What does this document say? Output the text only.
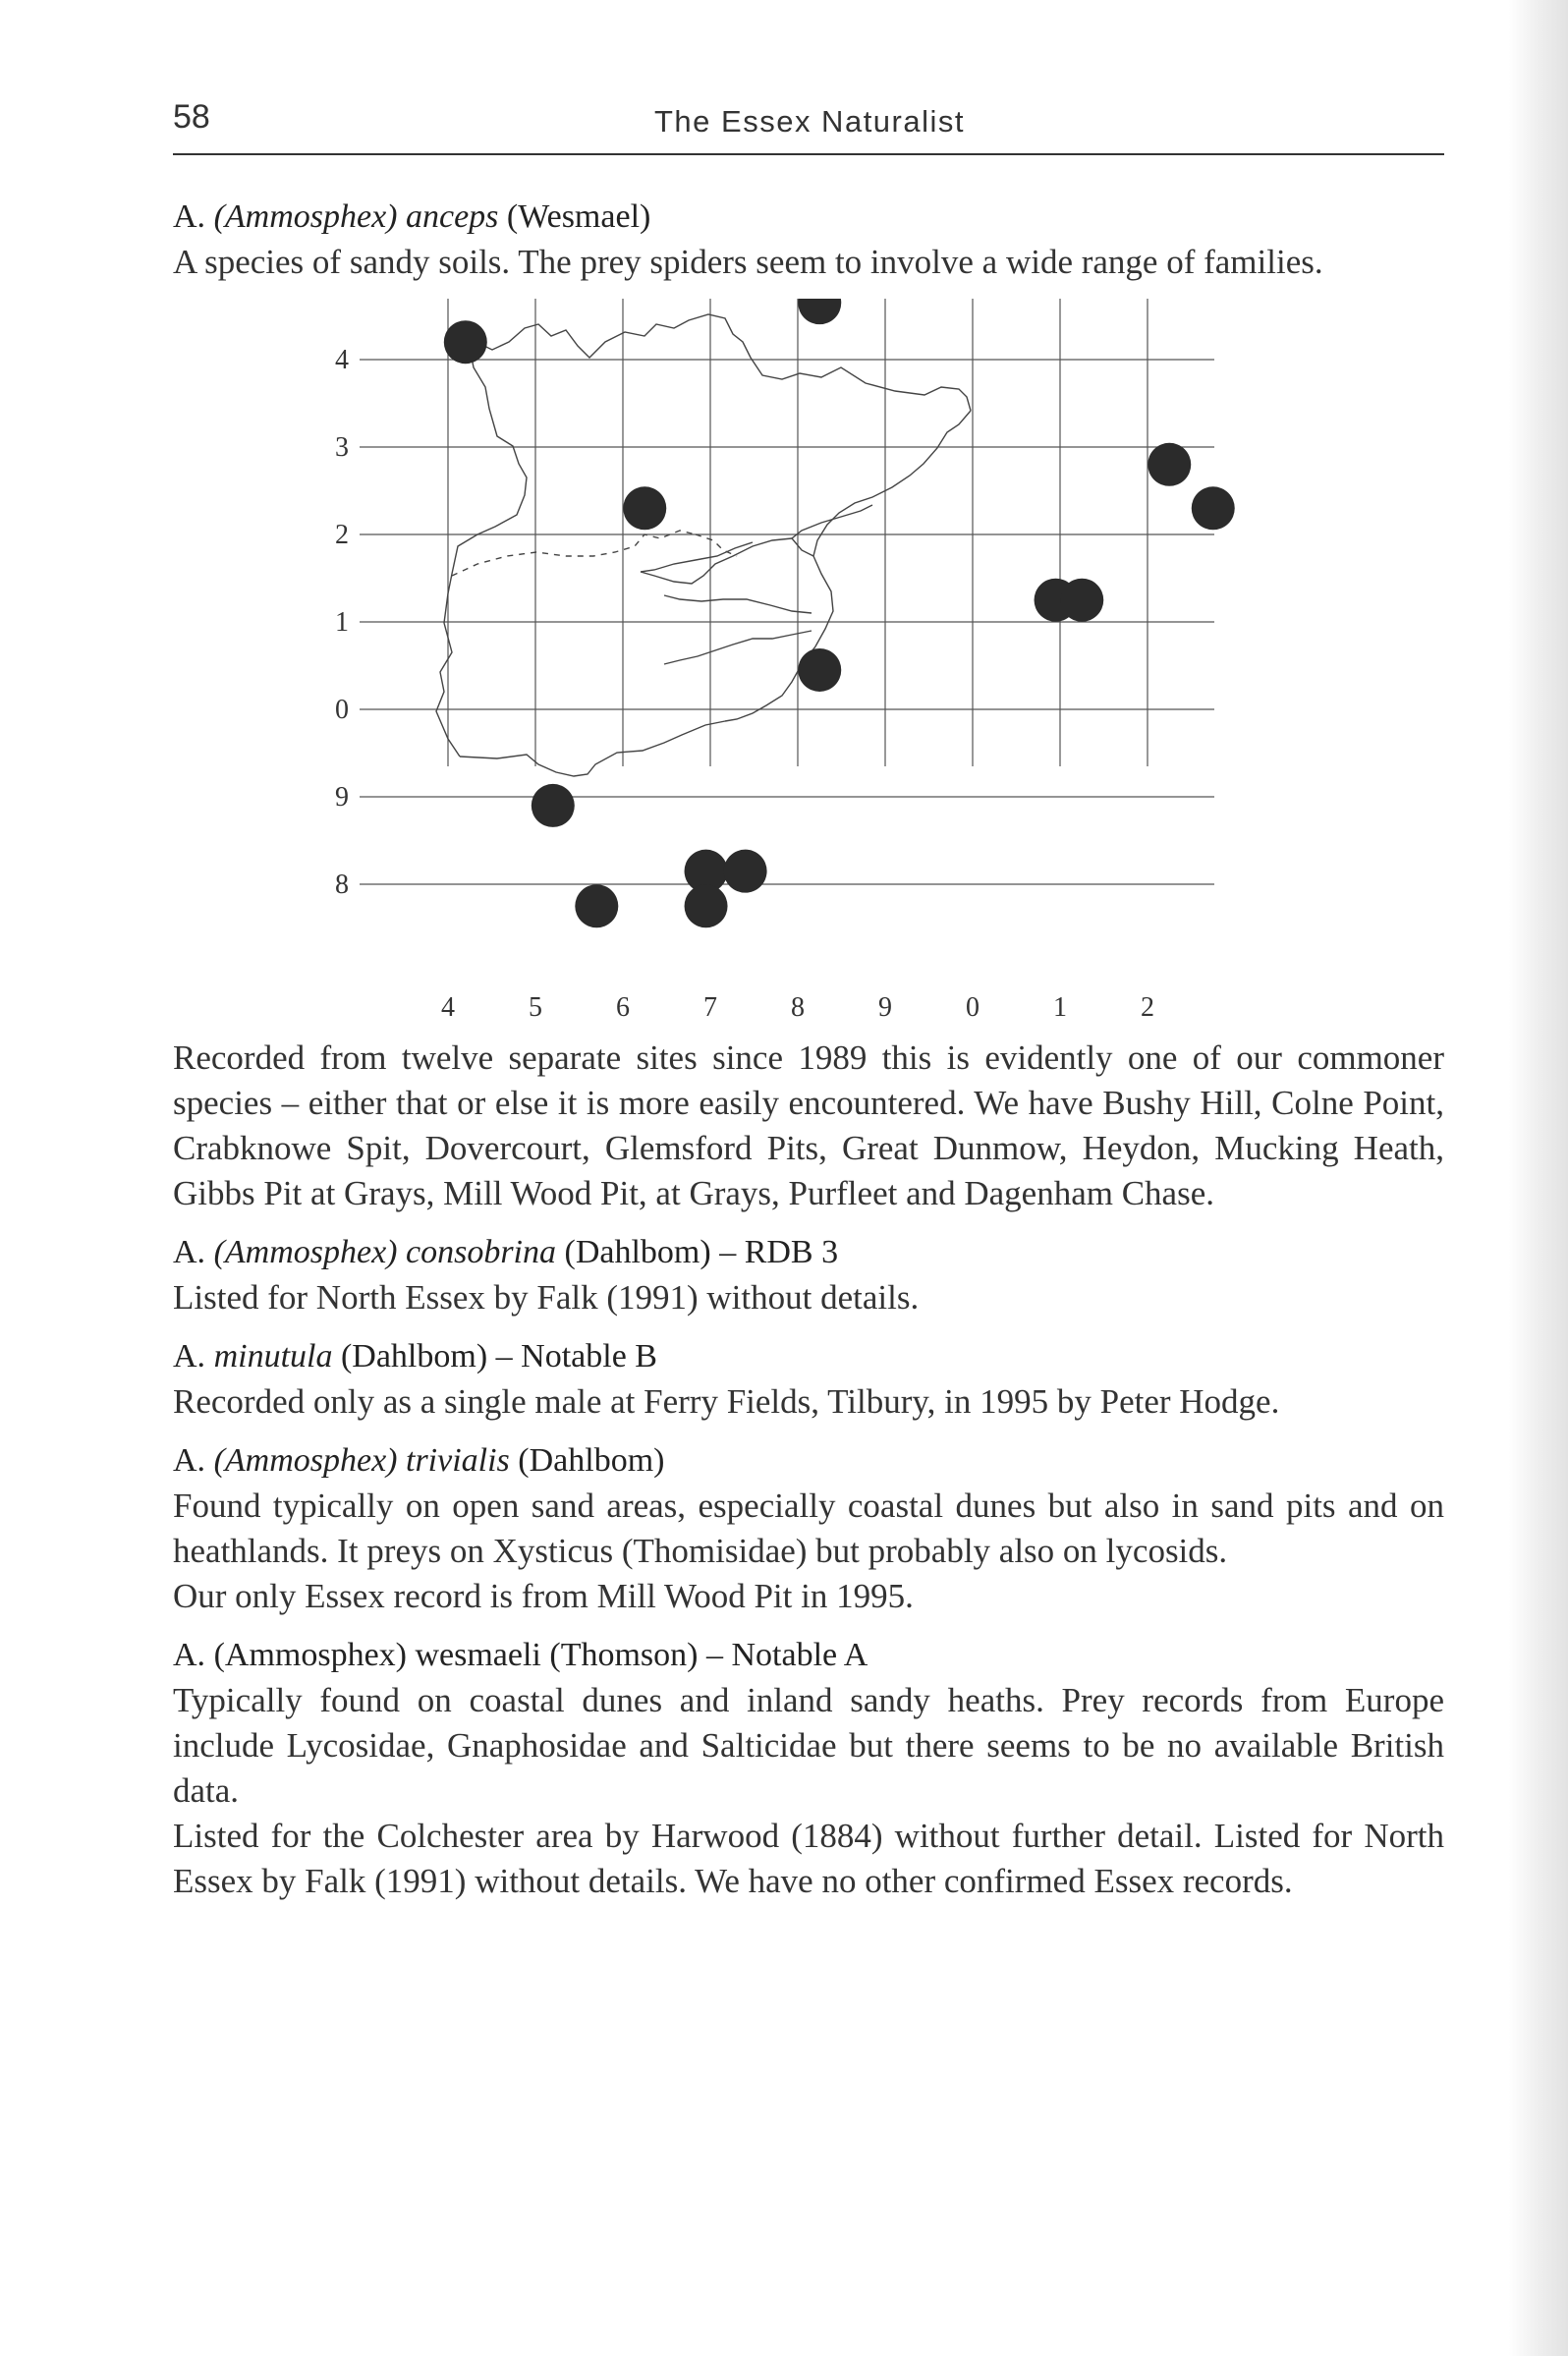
58	The Essex Naturalist
A. (Ammosphex) anceps (Wesmael)

A species of sandy soils. The prey spiders seem to involve a wide range of families.

4	5	6	7	8	9	0	1	2
4
3
2
1
0
9
8

Recorded from twelve separate sites since 1989 this is evidently one of our commoner species – either that or else it is more easily encountered. We have Bushy Hill, Colne Point, Crabknowe Spit, Dovercourt, Glemsford Pits, Great Dunmow, Heydon, Mucking Heath, Gibbs Pit at Grays, Mill Wood Pit, at Grays, Purfleet and Dagenham Chase.

A. (Ammosphex) consobrina (Dahlbom) – RDB 3

Listed for North Essex by Falk (1991) without details.

A. minutula (Dahlbom) – Notable B

Recorded only as a single male at Ferry Fields, Tilbury, in 1995 by Peter Hodge.

A. (Ammosphex) trivialis (Dahlbom)

Found typically on open sand areas, especially coastal dunes but also in sand pits and on heathlands. It preys on Xysticus (Thomisidae) but probably also on lycosids.

Our only Essex record is from Mill Wood Pit in 1995.

A. (Ammosphex) wesmaeli (Thomson) – Notable A

Typically found on coastal dunes and inland sandy heaths. Prey records from Europe include Lycosidae, Gnaphosidae and Salticidae but there seems to be no available British data.

Listed for the Colchester area by Harwood (1884) without further detail. Listed for North Essex by Falk (1991) without details. We have no other confirmed Essex records.
